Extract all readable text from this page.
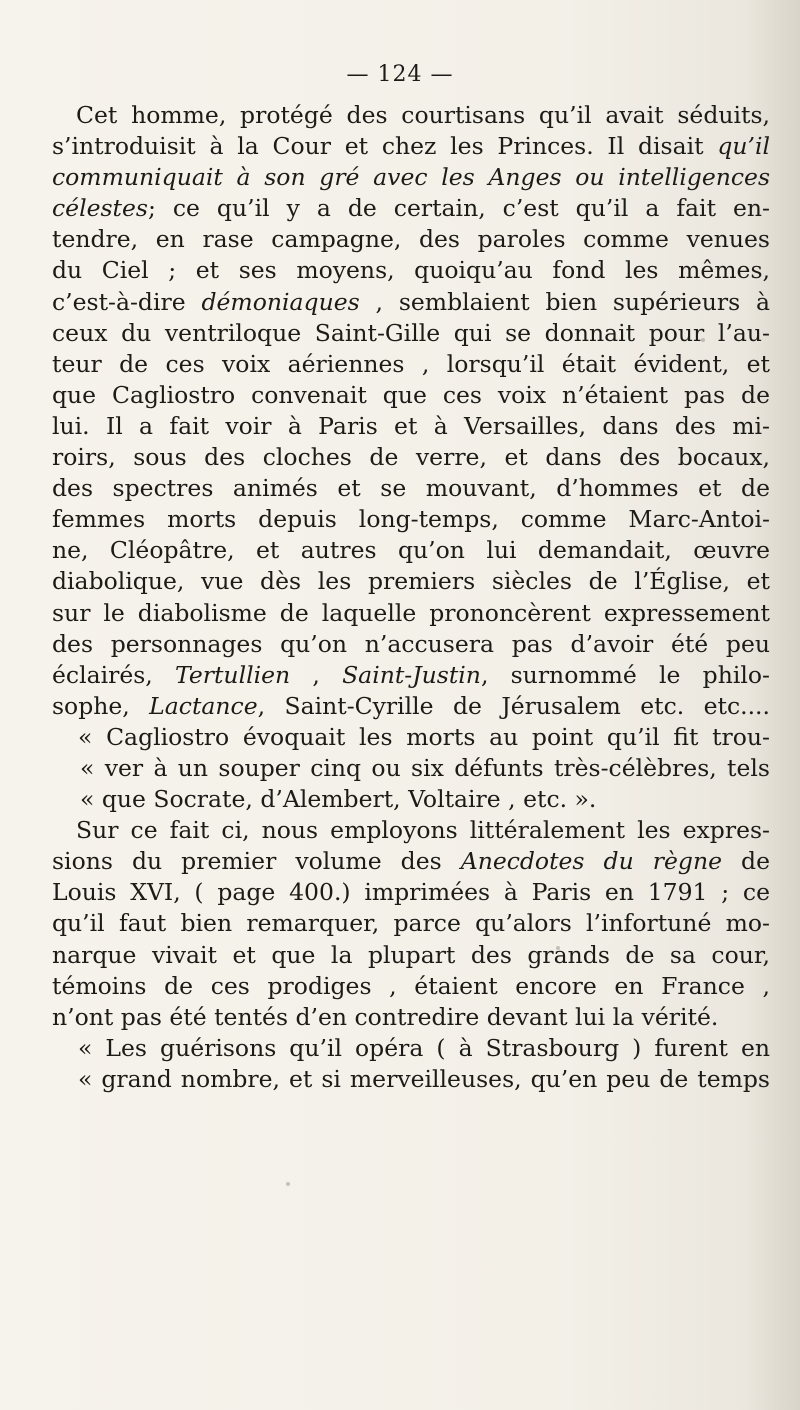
— 124 —
Cet homme, protégé des courtisans qu’il avait séduits,
s’introduisit à la Cour et chez les Princes. Il disait qu’il
communiquait à son gré avec les Anges ou intelligences
célestes; ce qu’il y a de certain, c’est qu’il a fait en-
tendre, en rase campagne, des paroles comme venues
du Ciel ; et ses moyens, quoiqu’au fond les mêmes,
c’est-à-dire démoniaques , semblaient bien supérieurs à
ceux du ventriloque Saint-Gille qui se donnait pour l’au-
teur de ces voix aériennes , lorsqu’il était évident, et
que Cagliostro convenait que ces voix n’étaient pas de
lui. Il a fait voir à Paris et à Versailles, dans des mi-
roirs, sous des cloches de verre, et dans des bocaux,
des spectres animés et se mouvant, d’hommes et de
femmes morts depuis long-temps, comme Marc-Antoi-
ne, Cléopâtre, et autres qu’on lui demandait, œuvre
diabolique, vue dès les premiers siècles de l’Église, et
sur le diabolisme de laquelle prononcèrent expressement
des personnages qu’on n’accusera pas d’avoir été peu
éclairés, Tertullien , Saint-Justin, surnommé le philo-
sophe, Lactance, Saint-Cyrille de Jérusalem etc. etc....
« Cagliostro évoquait les morts au point qu’il fit trou-
« ver à un souper cinq ou six défunts très-célèbres, tels
« que Socrate, d’Alembert, Voltaire , etc. ».
Sur ce fait ci, nous employons littéralement les expres-
sions du premier volume des Anecdotes du règne de
Louis XVI, ( page 400.) imprimées à Paris en 1791 ; ce
qu’il faut bien remarquer, parce qu’alors l’infortuné mo-
narque vivait et que la plupart des grands de sa cour,
témoins de ces prodiges , étaient encore en France ,
n’ont pas été tentés d’en contredire devant lui la vérité.
« Les guérisons qu’il opéra ( à Strasbourg ) furent en
« grand nombre, et si merveilleuses, qu’en peu de temps
